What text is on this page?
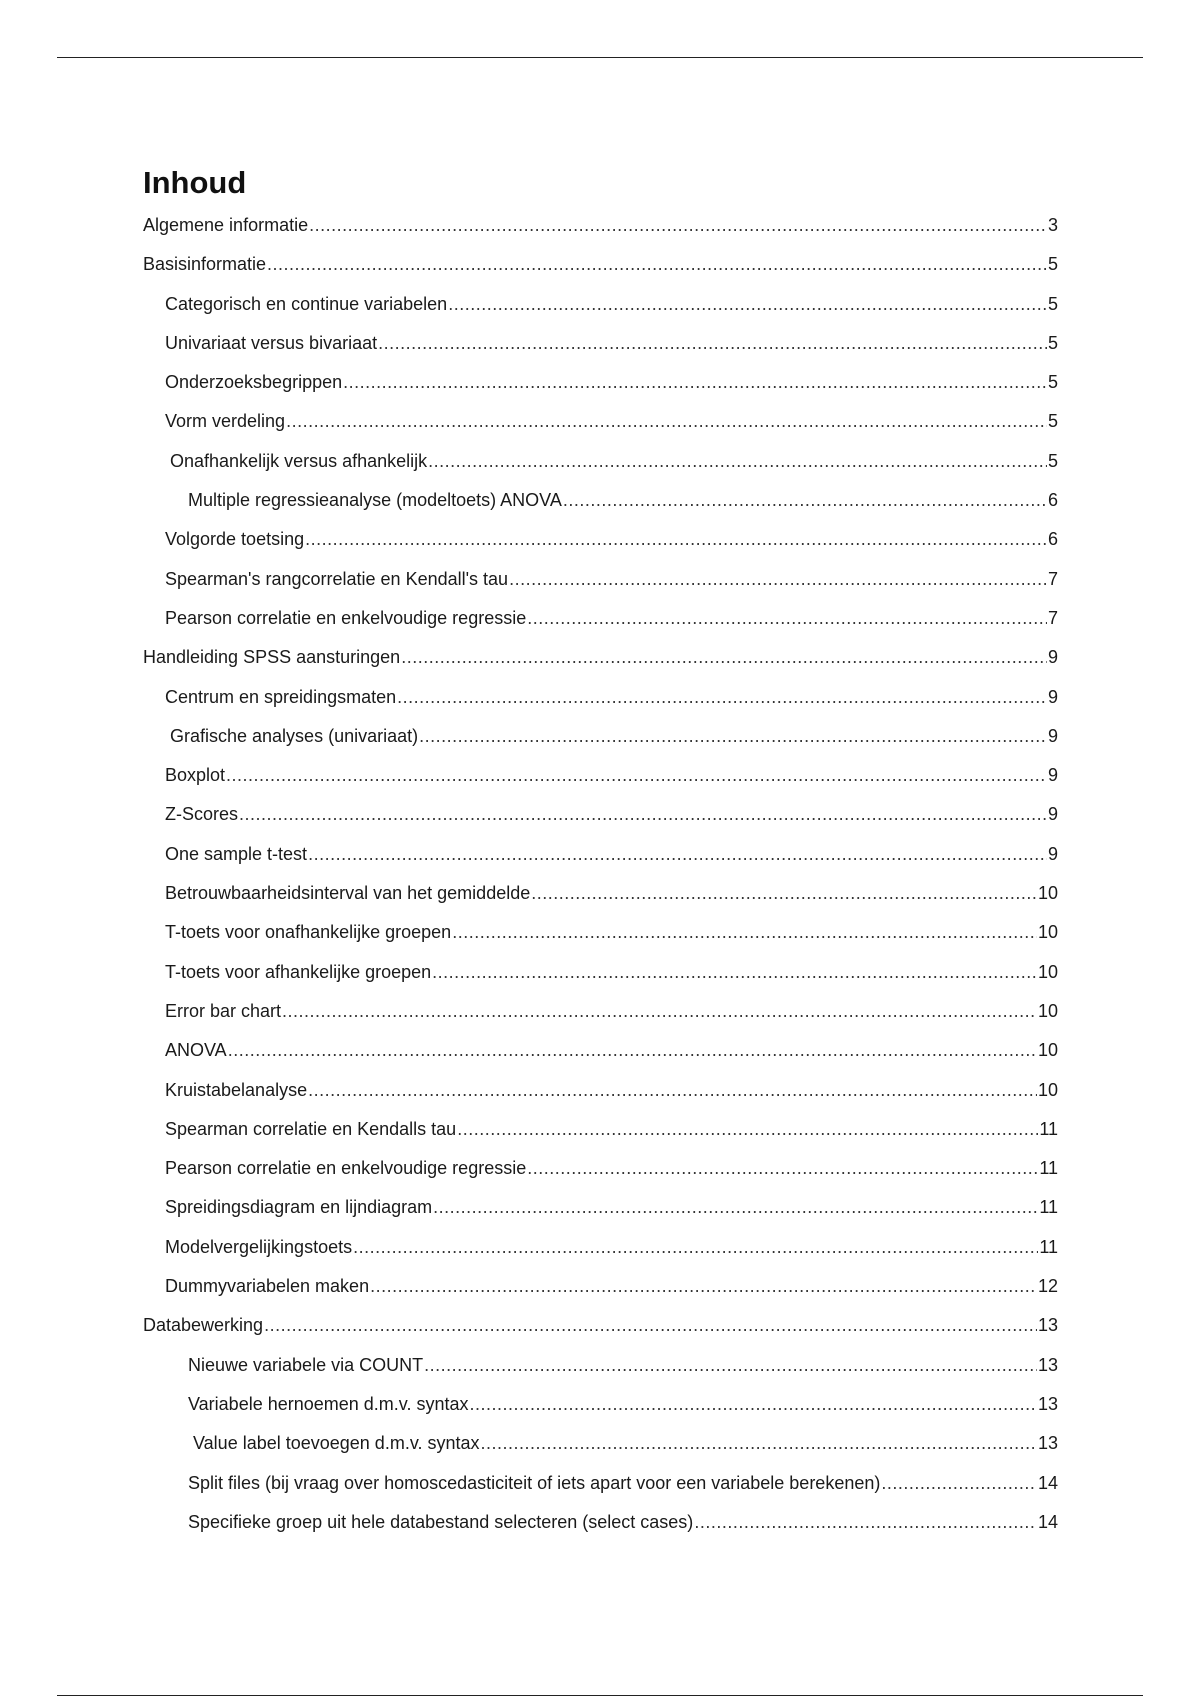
Inhoud
Algemene informatie .....	3
Basisinformatie .....	5
Categorisch en continue variabelen .....	5
Univariaat versus bivariaat .....	5
Onderzoeksbegrippen .....	5
Vorm verdeling .....	5
Onafhankelijk versus afhankelijk .....	5
Multiple regressieanalyse (modeltoets) ANOVA .....	6
Volgorde toetsing .....	6
Spearman's rangcorrelatie en Kendall's tau .....	7
Pearson correlatie en enkelvoudige regressie .....	7
Handleiding SPSS aansturingen .....	9
Centrum en spreidingsmaten .....	9
Grafische analyses (univariaat) .....	9
Boxplot .....	9
Z-Scores .....	9
One sample t-test .....	9
Betrouwbaarheidsinterval van het gemiddelde .....	10
T-toets voor onafhankelijke groepen .....	10
T-toets voor afhankelijke groepen .....	10
Error bar chart .....	10
ANOVA .....	10
Kruistabelanalyse .....	10
Spearman correlatie en Kendalls tau .....	11
Pearson correlatie en enkelvoudige regressie .....	11
Spreidingsdiagram en lijndiagram .....	11
Modelvergelijkingstoets .....	11
Dummyvariabelen maken .....	12
Databewerking .....	13
Nieuwe variabele via COUNT .....	13
Variabele hernoemen d.m.v. syntax .....	13
Value label toevoegen d.m.v. syntax .....	13
Split files (bij vraag over homoscedasticiteit of iets apart voor een variabele berekenen) .....	14
Specifieke groep uit hele databestand selecteren (select cases) .....	14
